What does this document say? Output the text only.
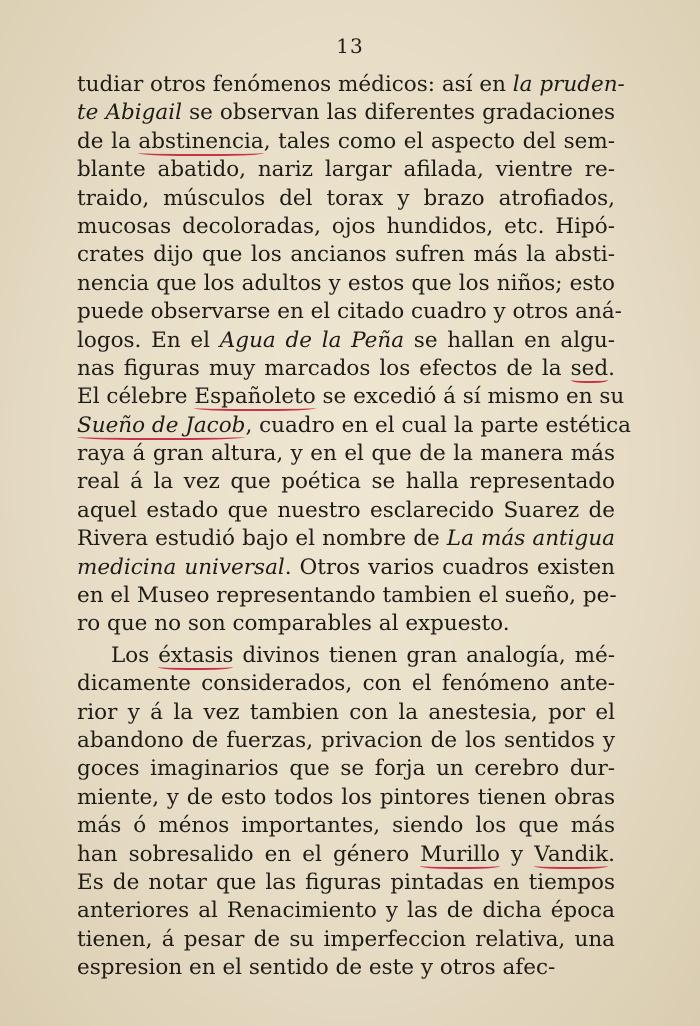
13
tudiar otros fenómenos médicos: así en la pruden-
te Abigail se observan las diferentes gradaciones
de la abstinencia, tales como el aspecto del sem-
blante abatido, nariz largar afilada, vientre re-
traido, músculos del torax y brazo atrofiados,
mucosas decoloradas, ojos hundidos, etc. Hipó-
crates dijo que los ancianos sufren más la absti-
nencia que los adultos y estos que los niños; esto
puede observarse en el citado cuadro y otros aná-
logos. En el Agua de la Peña se hallan en algu-
nas figuras muy marcados los efectos de la sed.
El célebre Españoleto se excedió á sí mismo en su
Sueño de Jacob, cuadro en el cual la parte estética
raya á gran altura, y en el que de la manera más
real á la vez que poética se halla representado
aquel estado que nuestro esclarecido Suarez de
Rivera estudió bajo el nombre de La más antigua
medicina universal. Otros varios cuadros existen
en el Museo representando tambien el sueño, pe-
ro que no son comparables al expuesto.
Los éxtasis divinos tienen gran analogía, mé-
dicamente considerados, con el fenómeno ante-
rior y á la vez tambien con la anestesia, por el
abandono de fuerzas, privacion de los sentidos y
goces imaginarios que se forja un cerebro dur-
miente, y de esto todos los pintores tienen obras
más ó ménos importantes, siendo los que más
han sobresalido en el género Murillo y Vandik.
Es de notar que las figuras pintadas en tiempos
anteriores al Renacimiento y las de dicha época
tienen, á pesar de su imperfeccion relativa, una
espresion en el sentido de este y otros afec-
